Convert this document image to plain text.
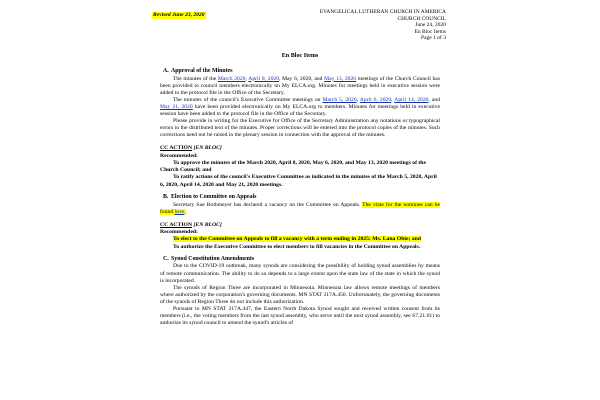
Revised June 23, 2020	EVANGELICAL LUTHERAN CHURCH IN AMERICA
CHURCH COUNCIL
June 24, 2020
En Bloc Items
Page 1 of 3
En Bloc Items
A. Approval of the Minutes

The minutes of the March 2020, April 8, 2020, May 6, 2020, and May 13, 2020 meetings of the Church Council has been provided to council members electronically on My ELCA.org. Minutes for meetings held in executive session were added to the protocol file in the Office of the Secretary.

The minutes of the council's Executive Committee meetings on March 5, 2020, April 6, 2020, April 14, 2020, and May 21, 2020 have been provided electronically on My ELCA.org to members. Minutes for meetings held in executive session have been added to the protocol file in the Office of the Secretary.

Please provide in writing for the Executive for Office of the Secretary Administration any notations or typographical errors in the distributed text of the minutes. Proper corrections will be entered into the protocol copies of the minutes. Such corrections need not be raised in the plenary session in connection with the approval of the minutes.

CC ACTION [EN BLOC]
Recommended:

To approve the minutes of the March 2020, April 8, 2020, May 6, 2020, and May 13, 2020 meetings of the Church Council; and

To ratify actions of the council's Executive Committee as indicated in the minutes of the March 5, 2020, April 6, 2020, April 14, 2020 and May 21, 2020 meetings.

B. Election to Committee on Appeals

Secretary Sue Rothmeyer has declared a vacancy on the Committee on Appeals. The vitae for the nominee can be found here.

CC ACTION [EN BLOC]
Recommended:

To elect to the Committee on Appeals to fill a vacancy with a term ending in 2025: Ms. Lana Obie; and

To authorize the Executive Committee to elect members to fill vacancies in the Committee on Appeals.

C. Synod Constitution Amendments

Due to the COVID-19 outbreak, many synods are considering the possibility of holding synod assemblies by means of remote communication. The ability to do so depends to a large extent upon the state law of the state in which the synod is incorporated.

The synods of Region Three are incorporated in Minnesota. Minnesota law allows remote meetings of members where authorized by the corporation's governing documents. MN STAT 317A.450. Unfortunately, the governing documents of the synods of Region Three do not include this authorization.

Pursuant to MN STAT 317A.447, the Eastern North Dakota Synod sought and received written consent from its members (i.e., the voting members from the last synod assembly, who serve until the next synod assembly, see S7.21.01) to authorize its synod council to amend the synod's articles of
